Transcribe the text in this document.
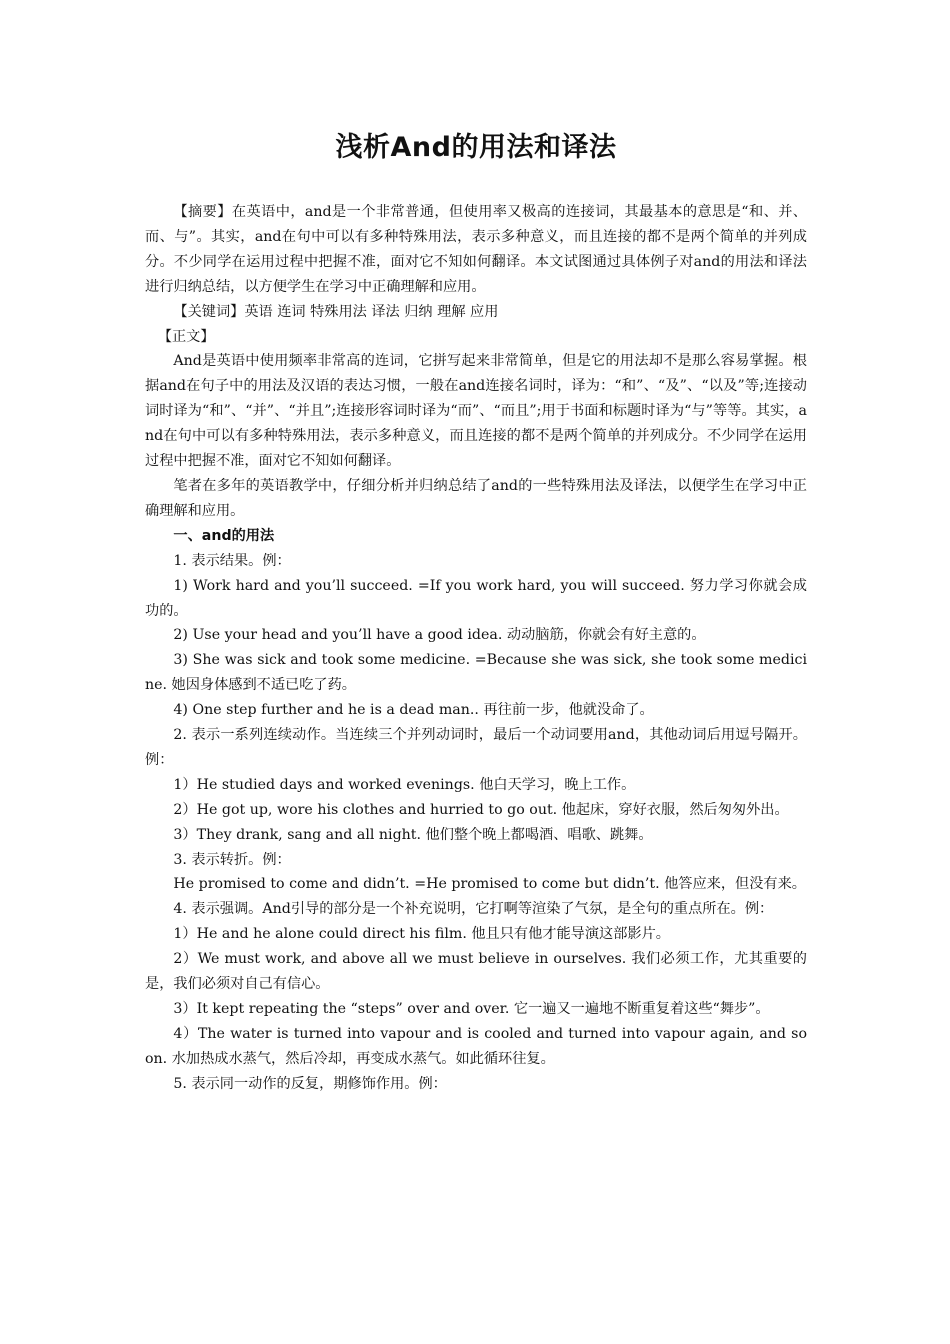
浅析And的用法和译法

【摘要】在英语中，and是一个非常普通，但使用率又极高的连接词，其最基本的意思是“和、并、而、与”。其实，and在句中可以有多种特殊用法，表示多种意义，而且连接的都不是两个简单的并列成分。不少同学在运用过程中把握不准，面对它不知如何翻译。本文试图通过具体例子对and的用法和译法进行归纳总结，以方便学生在学习中正确理解和应用。

【关键词】英语 连词 特殊用法 译法 归纳 理解 应用

【正文】

And是英语中使用频率非常高的连词，它拼写起来非常简单，但是它的用法却不是那么容易掌握。根据and在句子中的用法及汉语的表达习惯，一般在and连接名词时，译为：“和”、“及”、“以及”等;连接动词时译为“和”、“并”、“并且”;连接形容词时译为“而”、“而且”;用于书面和标题时译为“与”等等。其实，and在句中可以有多种特殊用法，表示多种意义，而且连接的都不是两个简单的并列成分。不少同学在运用过程中把握不准，面对它不知如何翻译。

笔者在多年的英语教学中，仔细分析并归纳总结了and的一些特殊用法及译法，以便学生在学习中正确理解和应用。

一、and的用法

1. 表示结果。例：

1) Work hard and you’ll succeed. =If you work hard, you will succeed. 努力学习你就会成功的。

2) Use your head and you’ll have a good idea. 动动脑筋，你就会有好主意的。

3) She was sick and took some medicine. =Because she was sick, she took some medicine. 她因身体感到不适已吃了药。

4) One step further and he is a dead man.. 再往前一步，他就没命了。

2. 表示一系列连续动作。当连续三个并列动词时，最后一个动词要用and，其他动词后用逗号隔开。例：

1）He studied days and worked evenings. 他白天学习，晚上工作。

2）He got up, wore his clothes and hurried to go out. 他起床，穿好衣服，然后匆匆外出。

3）They drank, sang and all night. 他们整个晚上都喝酒、唱歌、跳舞。

3. 表示转折。例：

He promised to come and didn’t. =He promised to come but didn’t. 他答应来，但没有来。

4. 表示强调。And引导的部分是一个补充说明，它打啊等渲染了气氛，是全句的重点所在。例：

1）He and he alone could direct his film. 他且只有他才能导演这部影片。

2）We must work, and above all we must believe in ourselves. 我们必须工作，尤其重要的是，我们必须对自己有信心。

3）It kept repeating the “steps” over and over. 它一遍又一遍地不断重复着这些“舞步”。

4）The water is turned into vapour and is cooled and turned into vapour again, and so on. 水加热成水蒸气，然后冷却，再变成水蒸气。如此循环往复。

5. 表示同一动作的反复，期修饰作用。例：
